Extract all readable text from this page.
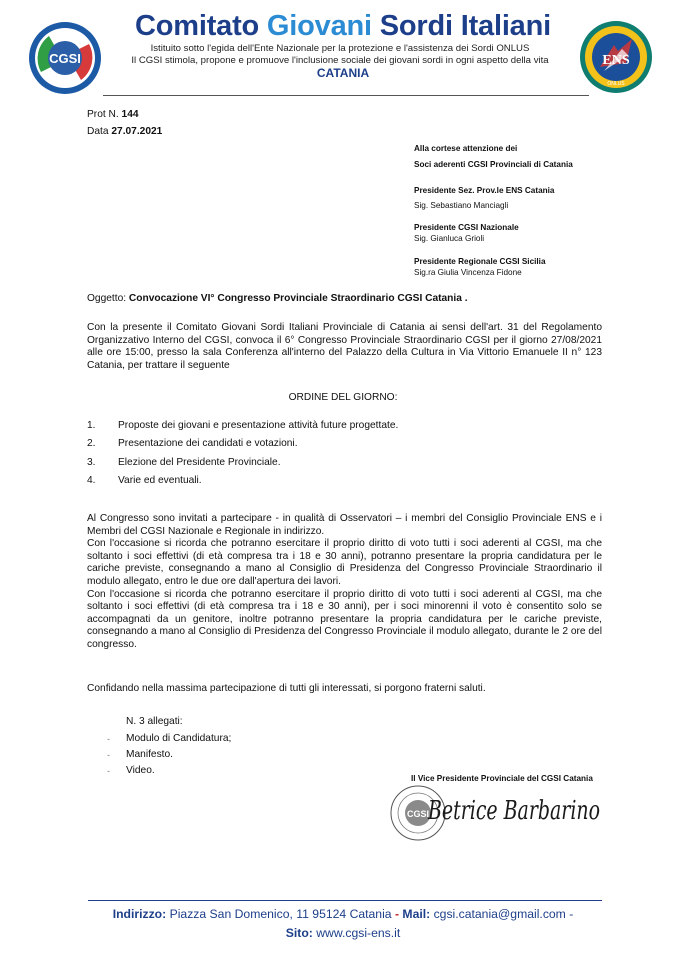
CGSI	ENS
ONLUS
Comitato Giovani Sordi Italiani
Istituito sotto l'egida dell'Ente Nazionale per la protezione e l'assistenza dei Sordi ONLUS
Il CGSI stimola, propone e promuove l'inclusione sociale dei giovani sordi in ogni aspetto della vita
CATANIA
Prot N. 144
Data 27.07.2021
Alla cortese attenzione dei
Soci aderenti CGSI Provinciali di Catania
Presidente Sez. Prov.le ENS Catania
Sig. Sebastiano Manciagli
Presidente CGSI Nazionale
Sig. Gianluca Grioli
Presidente Regionale CGSI Sicilia
Sig.ra Giulia Vincenza Fidone
Oggetto: Convocazione VI° Congresso Provinciale Straordinario CGSI Catania .
Con la presente il Comitato Giovani Sordi Italiani Provinciale di Catania ai sensi dell'art. 31 del Regolamento
Organizzativo Interno del CGSI, convoca il 6° Congresso Provinciale Straordinario CGSI per il giorno 27/08/2021
alle ore 15:00, presso la sala Conferenza all'interno del Palazzo della Cultura in Via Vittorio Emanuele II n° 123
Catania, per trattare il seguente
ORDINE DEL GIORNO:
1. Proposte dei giovani e presentazione attività future progettate.
2. Presentazione dei candidati e votazioni.
3. Elezione del Presidente Provinciale.
4. Varie ed eventuali.
Al Congresso sono invitati a partecipare - in qualità di Osservatori – i membri del Consiglio Provinciale ENS e i
Membri del CGSI Nazionale e Regionale in indirizzo.
Con l'occasione si ricorda che potranno esercitare il proprio diritto di voto tutti i soci aderenti al CGSI, ma che
soltanto i soci effettivi (di età compresa tra i 18 e 30 anni), potranno presentare la propria candidatura per le
cariche previste, consegnando a mano al Consiglio di Presidenza del Congresso Provinciale Straordinario il
modulo allegato, entro le due ore dall'apertura dei lavori.
Con l'occasione si ricorda che potranno esercitare il proprio diritto di voto tutti i soci aderenti al CGSI, ma che
soltanto i soci effettivi (di età compresa tra i 18 e 30 anni), per i soci minorenni il voto è consentito solo se
accompagnati da un genitore, inoltre potranno presentare la propria candidatura per le cariche previste,
consegnando a mano al Consiglio di Presidenza del Congresso Provinciale il modulo allegato, durante le 2 ore del
congresso.
Confidando nella massima partecipazione di tutti gli interessati, si porgono fraterni saluti.
N. 3 allegati:
- Modulo di Candidatura;
- Manifesto.
- Video.
Il Vice Presidente Provinciale del CGSI Catania
CGSI
Betrice Barbarino
Indirizzo: Piazza San Domenico, 11 95124 Catania - Mail: cgsi.catania@gmail.com -
Sito: www.cgsi-ens.it
